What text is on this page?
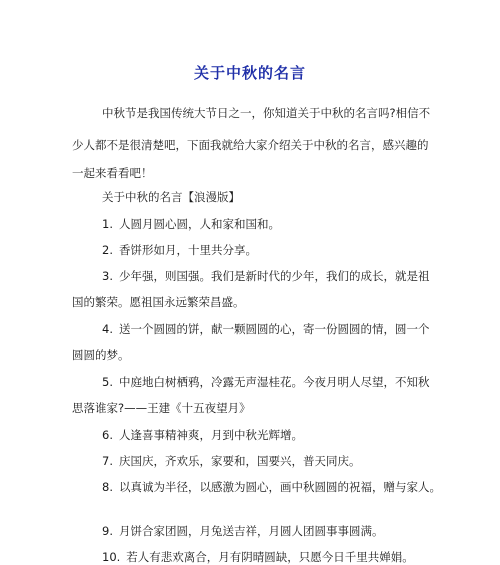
关于中秋的名言
中秋节是我国传统大节日之一，你知道关于中秋的名言吗?相信不
少人都不是很清楚吧，下面我就给大家介绍关于中秋的名言，感兴趣的
一起来看看吧！
关于中秋的名言【浪漫版】
1. 人圆月圆心圆，人和家和国和。
2. 香饼形如月，十里共分享。
3. 少年强，则国强。我们是新时代的少年，我们的成长，就是祖
国的繁荣。愿祖国永远繁荣昌盛。
4. 送一个圆圆的饼，献一颗圆圆的心，寄一份圆圆的情，圆一个
圆圆的梦。
5. 中庭地白树栖鸦，冷露无声湿桂花。今夜月明人尽望，不知秋
思落谁家?——王建《十五夜望月》
6. 人逢喜事精神爽，月到中秋光辉增。
7. 庆国庆，齐欢乐，家要和，国要兴，普天同庆。
8. 以真诚为半径，以感激为圆心，画中秋圆圆的祝福，赠与家人。
9. 月饼合家团圆，月兔送吉祥，月圆人团圆事事圆满。
10. 若人有悲欢离合，月有阴晴圆缺，只愿今日千里共婵娟。
